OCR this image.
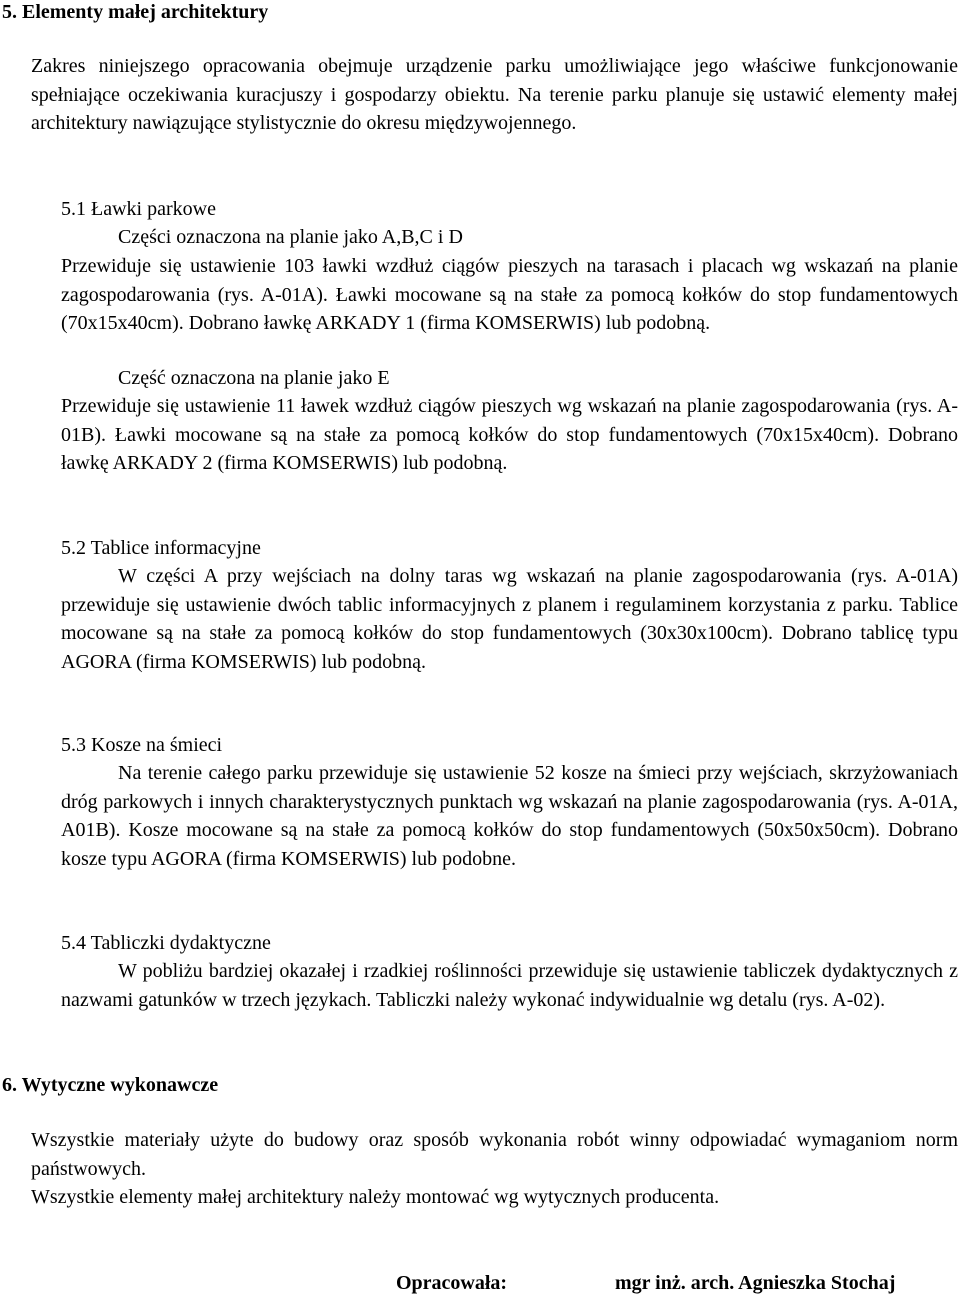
5. Elementy małej architektury

Zakres niniejszego opracowania obejmuje urządzenie parku umożliwiające jego właściwe funkcjonowanie spełniające oczekiwania kuracjuszy i gospodarzy obiektu. Na terenie parku planuje się ustawić elementy małej architektury nawiązujące stylistycznie do okresu międzywojennego.

5.1 Ławki parkowe

Części oznaczona na planie jako A,B,C i D

Przewiduje się ustawienie 103 ławki wzdłuż ciągów pieszych na tarasach i placach wg wskazań na planie zagospodarowania (rys. A-01A). Ławki mocowane są na stałe za pomocą kołków do stop fundamentowych (70x15x40cm). Dobrano ławkę ARKADY 1 (firma KOMSERWIS) lub podobną.

Część oznaczona na planie jako E

Przewiduje się ustawienie 11 ławek wzdłuż ciągów pieszych wg wskazań na planie zagospodarowania (rys. A-01B). Ławki mocowane są na stałe za pomocą kołków do stop fundamentowych (70x15x40cm). Dobrano ławkę ARKADY 2 (firma KOMSERWIS) lub podobną.

5.2 Tablice informacyjne

W części A przy wejściach na dolny taras wg wskazań na planie zagospodarowania (rys. A-01A) przewiduje się ustawienie dwóch tablic informacyjnych z planem i regulaminem korzystania z parku. Tablice mocowane są na stałe za pomocą kołków do stop fundamentowych (30x30x100cm). Dobrano tablicę typu AGORA (firma KOMSERWIS) lub podobną.

5.3 Kosze na śmieci

Na terenie całego parku przewiduje się ustawienie 52 kosze na śmieci przy wejściach, skrzyżowaniach dróg parkowych i innych charakterystycznych punktach wg wskazań na planie zagospodarowania (rys. A-01A, A01B). Kosze mocowane są na stałe za pomocą kołków do stop fundamentowych (50x50x50cm). Dobrano kosze typu AGORA (firma KOMSERWIS) lub podobne.

5.4 Tabliczki dydaktyczne

W pobliżu bardziej okazałej i rzadkiej roślinności przewiduje się ustawienie tabliczek dydaktycznych z nazwami gatunków w trzech językach. Tabliczki należy wykonać indywidualnie wg detalu (rys. A-02).

6. Wytyczne wykonawcze

Wszystkie materiały użyte do budowy oraz sposób wykonania robót winny odpowiadać wymaganiom norm państwowych.

Wszystkie elementy małej architektury należy montować wg wytycznych producenta.

Opracowała:	mgr inż. arch. Agnieszka Stochaj
